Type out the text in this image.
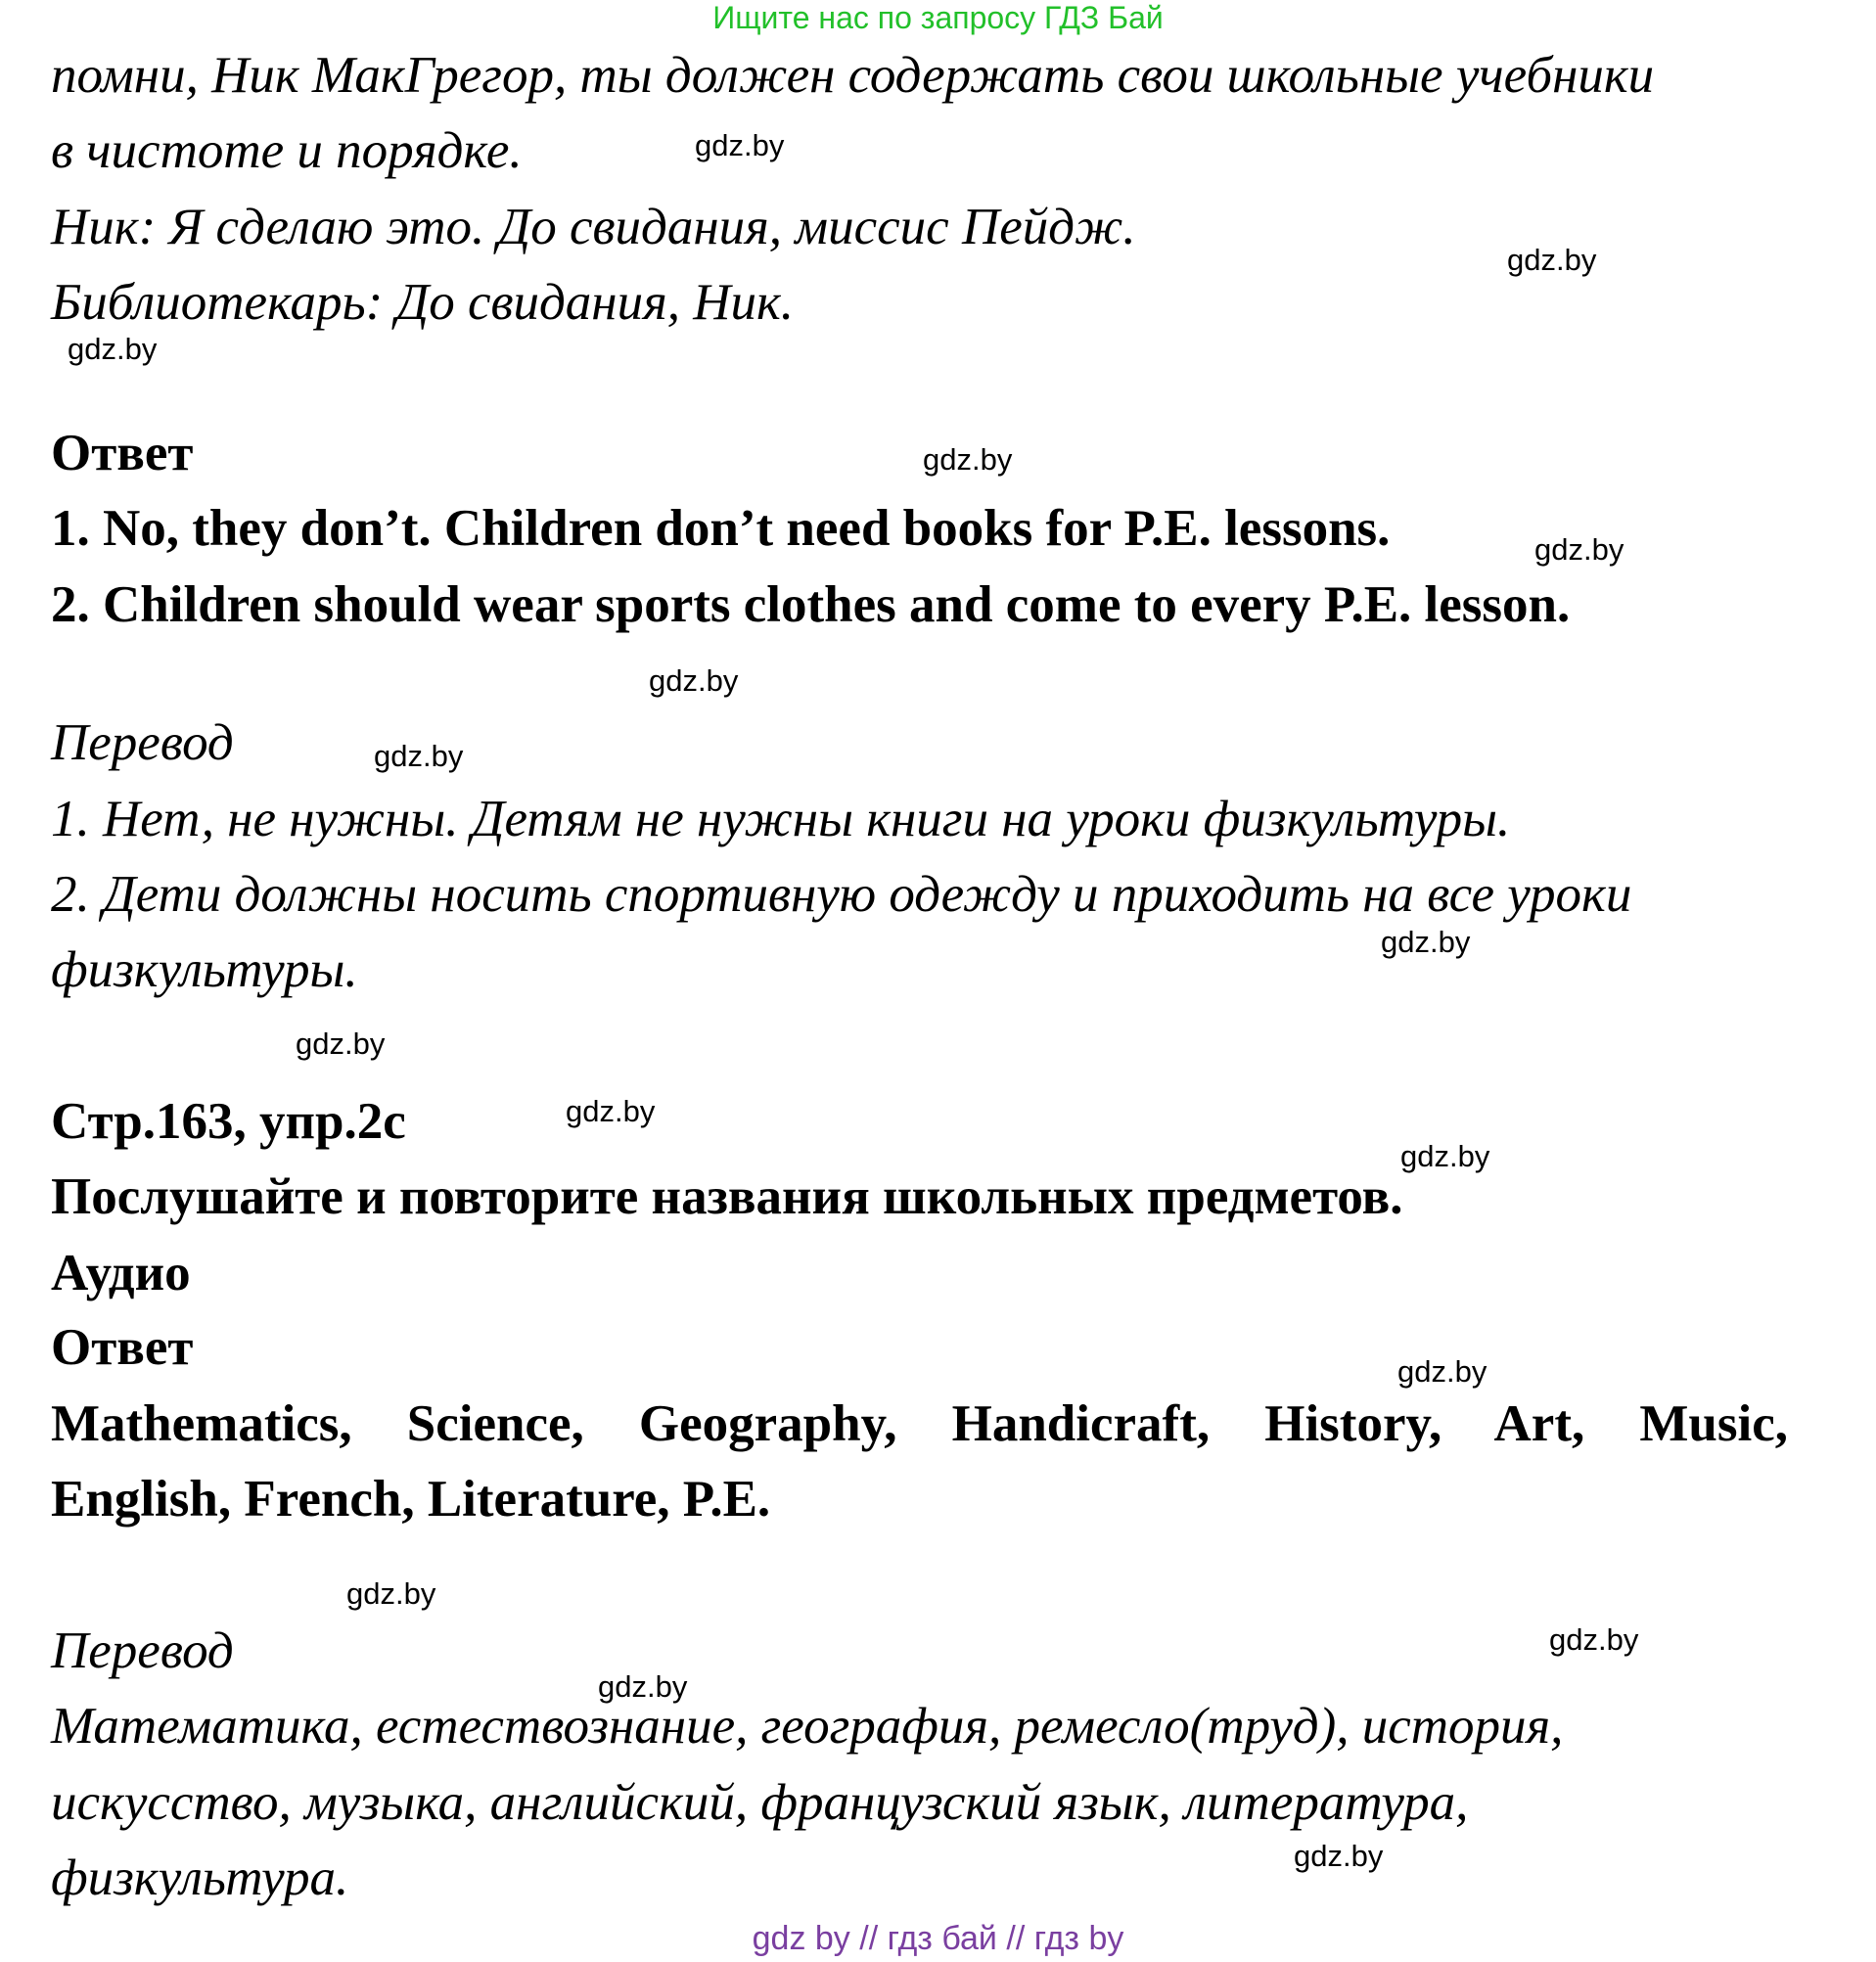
Ищите нас по запросу ГДЗ Бай
помни, Ник МакГрегор, ты должен содержать свои школьные учебники
в чистоте и порядке.
Ник: Я сделаю это. До свидания, миссис Пейдж.
Библиотекарь: До свидания, Ник.
Ответ
1. No, they don’t. Children don’t need books for P.E. lessons.
2. Children should wear sports clothes and come to every P.E. lesson.
Перевод
1. Нет, не нужны. Детям не нужны книги на уроки физкультуры.
2. Дети должны носить спортивную одежду и приходить на все уроки
физкультуры.
Стр.163, упр.2c
Послушайте и повторите названия школьных предметов.
Аудио
Ответ
Mathematics, Science, Geography, Handicraft, History, Art, Music,
English, French, Literature, P.E.
Перевод
Математика, естествознание, география, ремесло(труд), история,
искусство, музыка, английский, французский язык, литература,
физкультура.
gdz.by
gdz.by
gdz.by
gdz.by
gdz.by
gdz.by
gdz.by
gdz.by
gdz.by
gdz.by
gdz.by
gdz.by
gdz.by
gdz.by
gdz.by
gdz.by
gdz by // гдз бай // гдз by
